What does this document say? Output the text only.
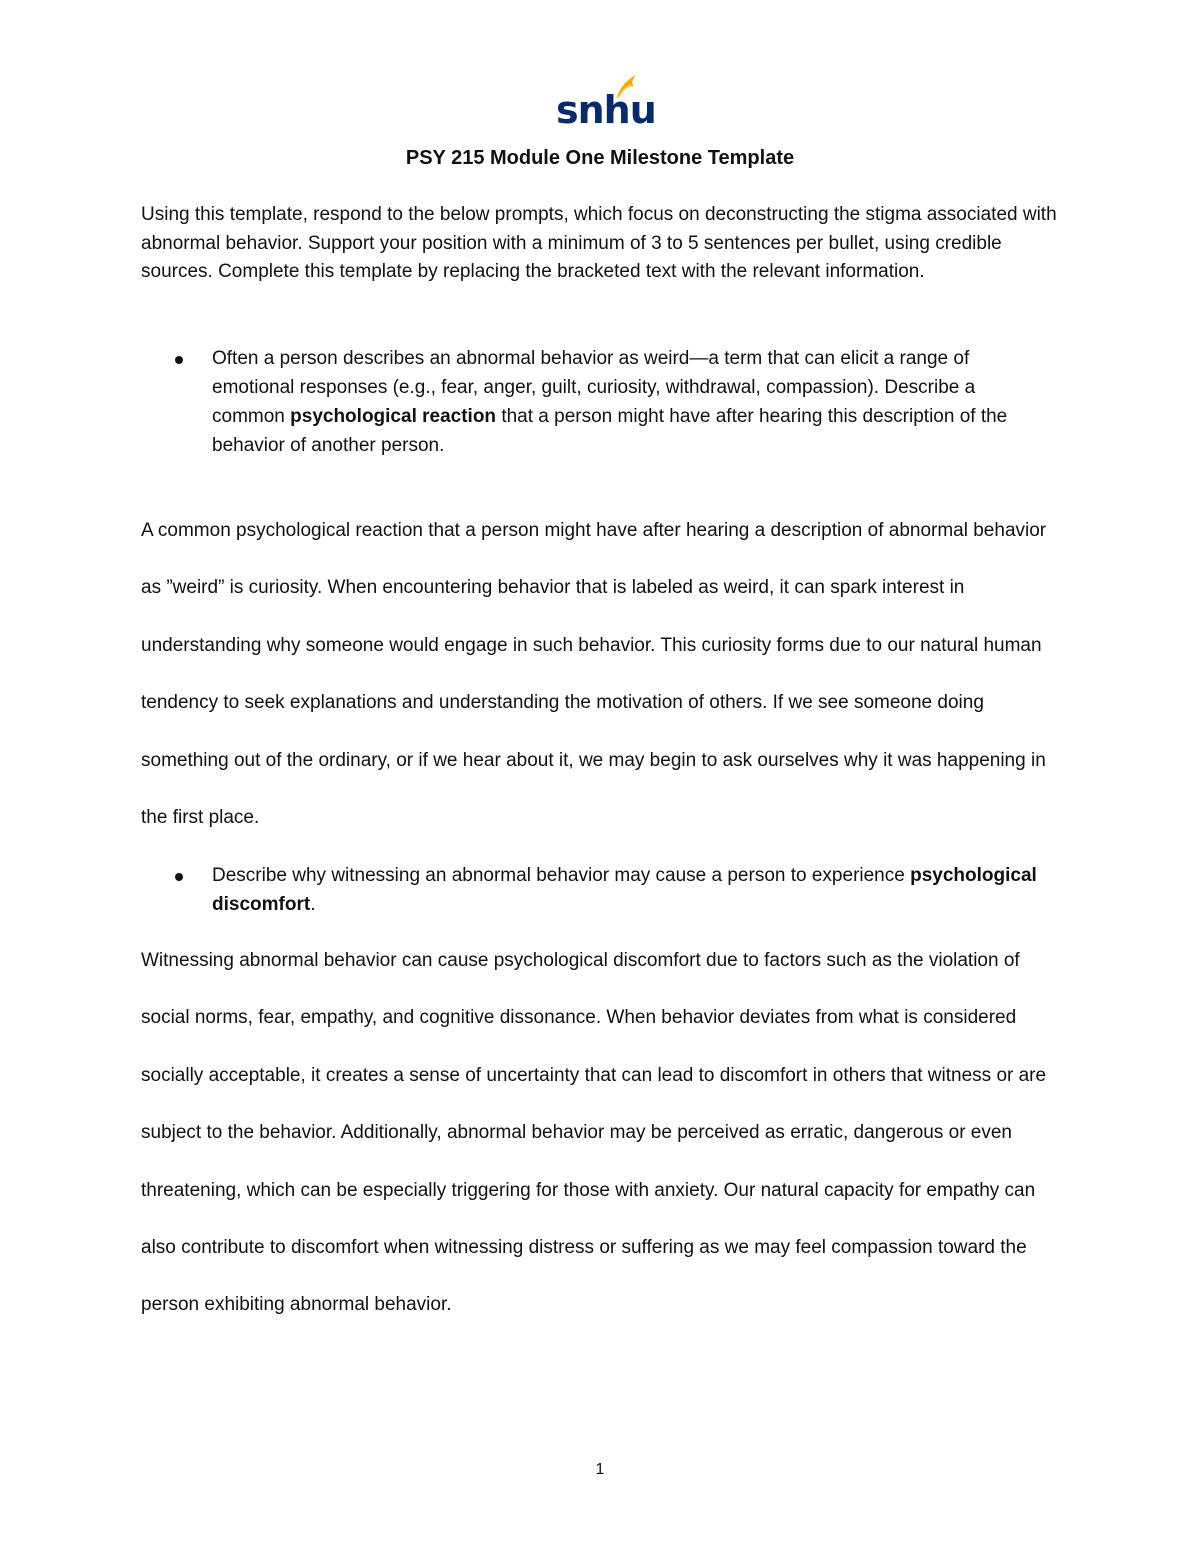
snhu
PSY 215 Module One Milestone Template

Using this template, respond to the below prompts, which focus on deconstructing the stigma associated with abnormal behavior. Support your position with a minimum of 3 to 5 sentences per bullet, using credible sources. Complete this template by replacing the bracketed text with the relevant information.

Often a person describes an abnormal behavior as weird—a term that can elicit a range of emotional responses (e.g., fear, anger, guilt, curiosity, withdrawal, compassion). Describe a common psychological reaction that a person might have after hearing this description of the behavior of another person.

A common psychological reaction that a person might have after hearing a description of abnormal behavior as ”weird” is curiosity. When encountering behavior that is labeled as weird, it can spark interest in understanding why someone would engage in such behavior. This curiosity forms due to our natural human tendency to seek explanations and understanding the motivation of others. If we see someone doing something out of the ordinary, or if we hear about it, we may begin to ask ourselves why it was happening in the first place.

Describe why witnessing an abnormal behavior may cause a person to experience psychological discomfort.

Witnessing abnormal behavior can cause psychological discomfort due to factors such as the violation of social norms, fear, empathy, and cognitive dissonance. When behavior deviates from what is considered socially acceptable, it creates a sense of uncertainty that can lead to discomfort in others that witness or are subject to the behavior. Additionally, abnormal behavior may be perceived as erratic, dangerous or even threatening, which can be especially triggering for those with anxiety. Our natural capacity for empathy can also contribute to discomfort when witnessing distress or suffering as we may feel compassion toward the person exhibiting abnormal behavior.

1
